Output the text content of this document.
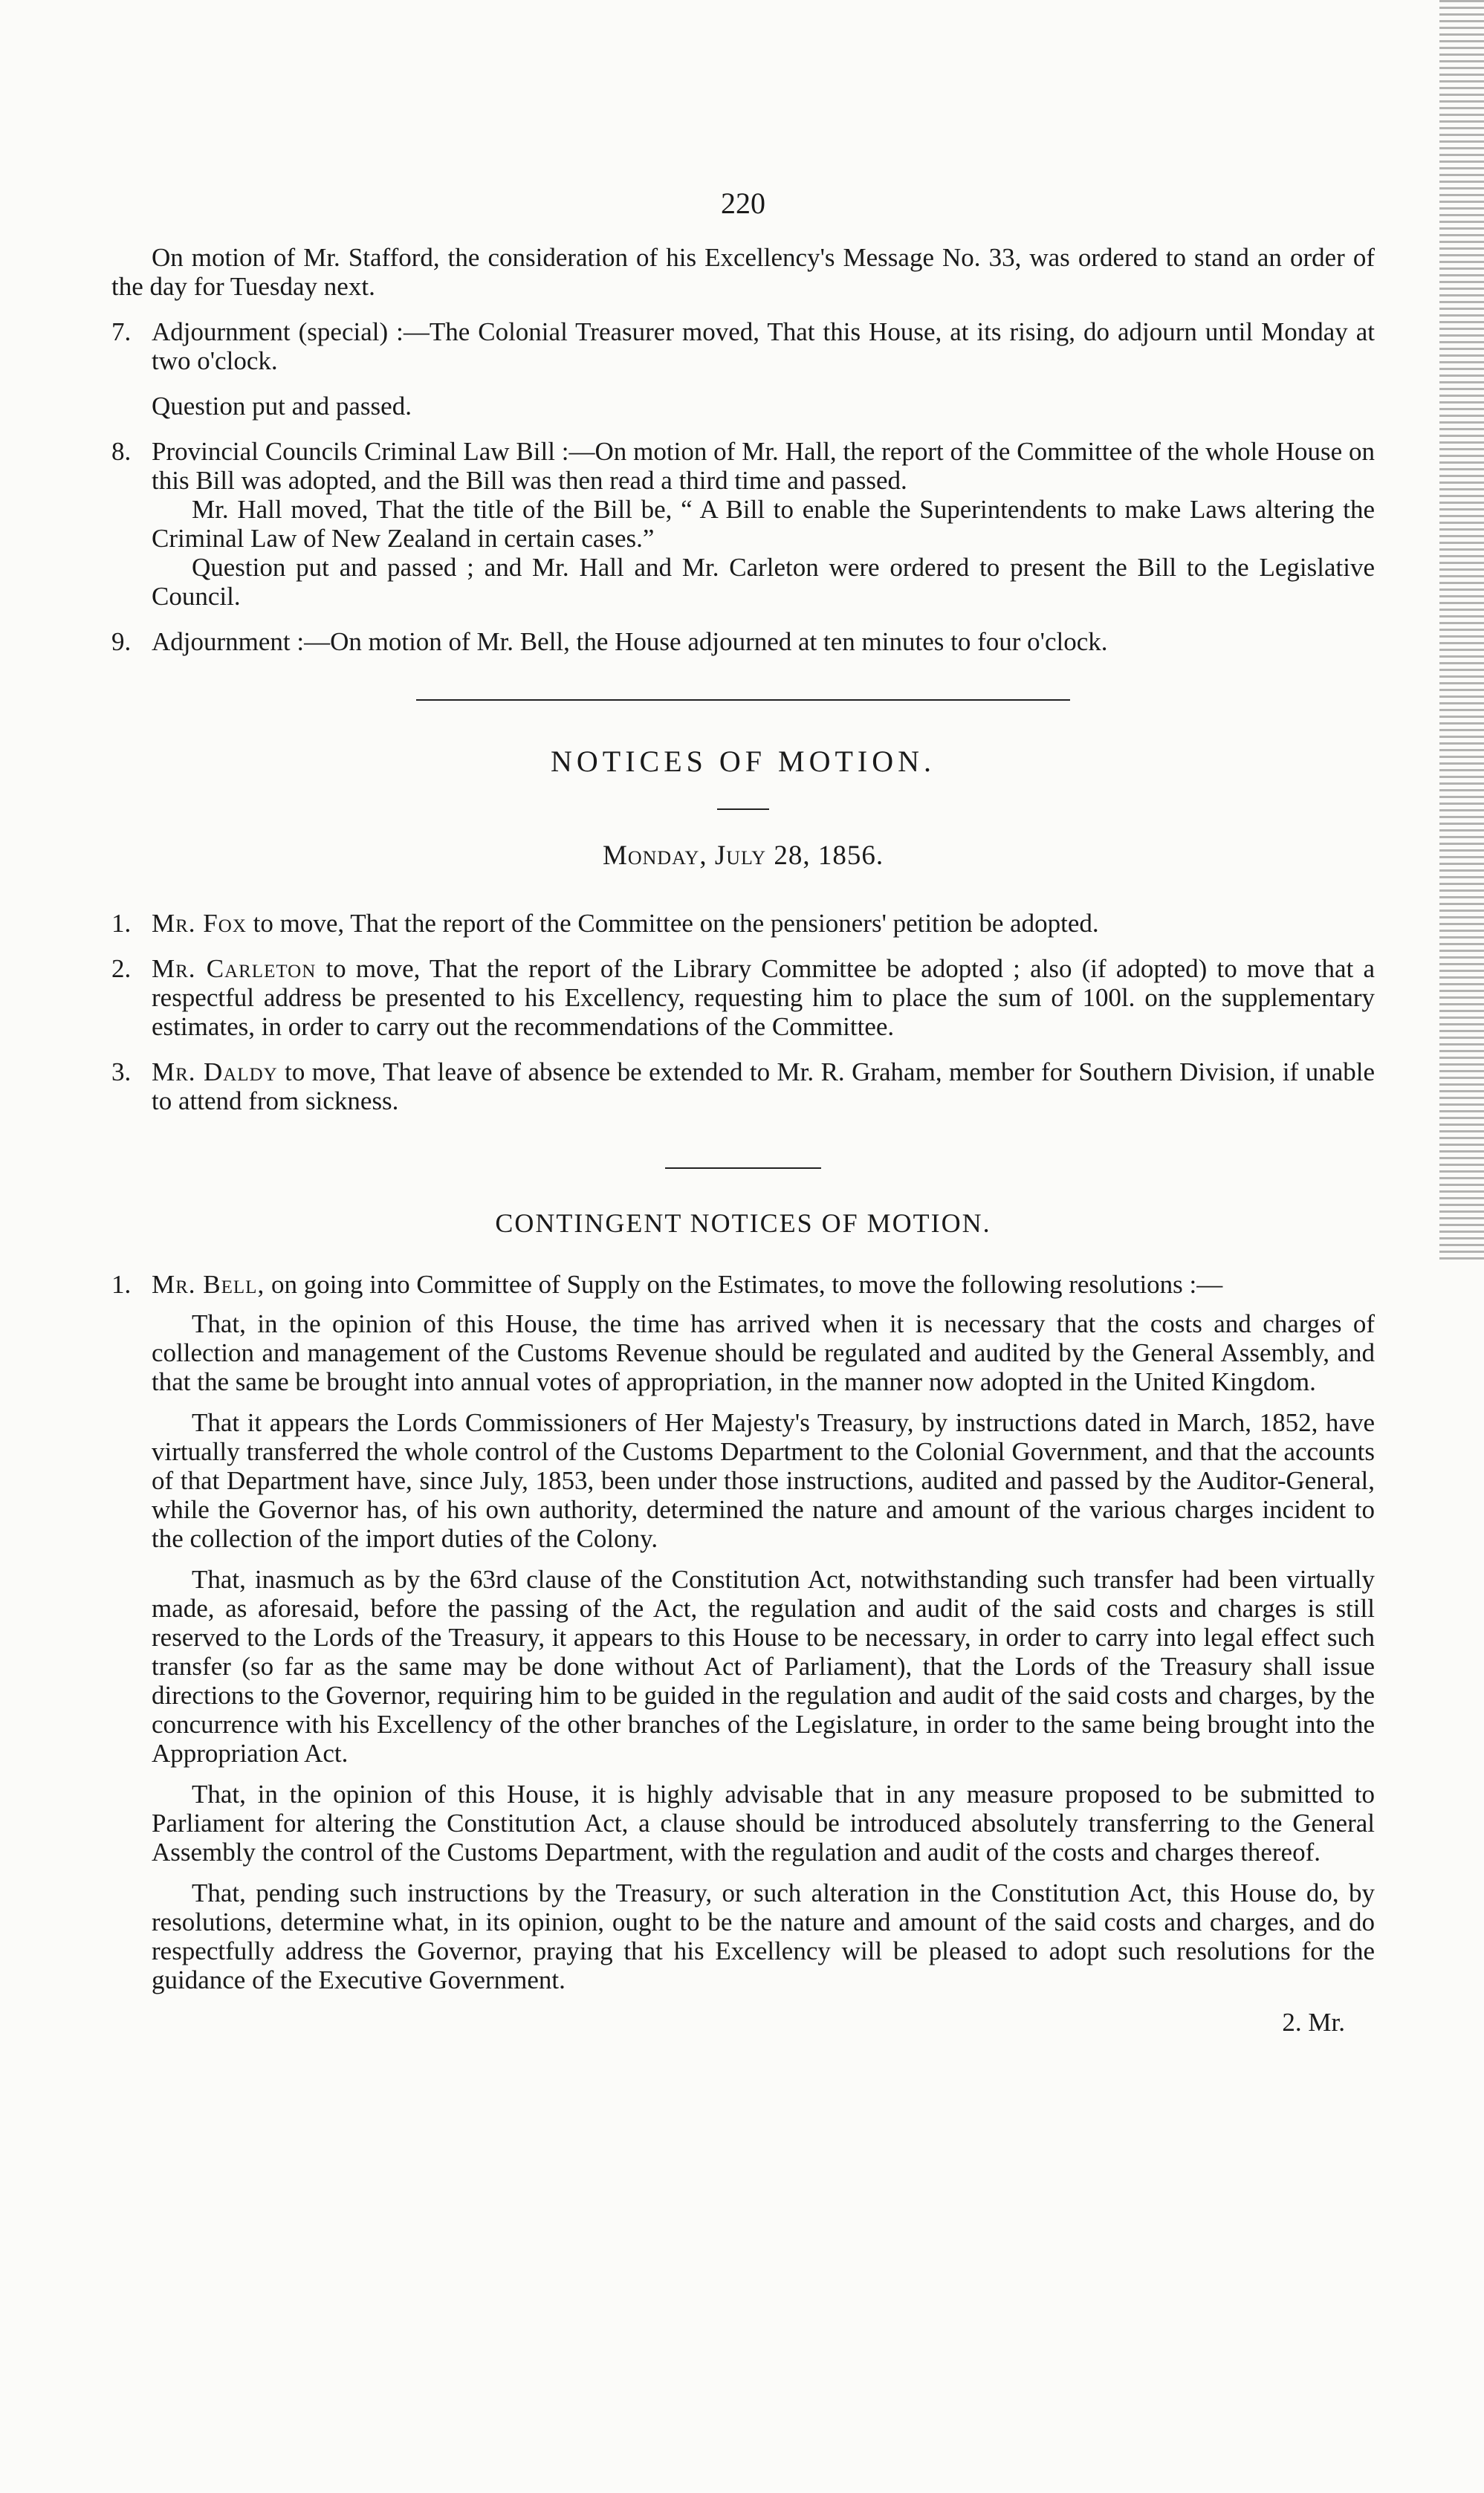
220

On motion of Mr. Stafford, the consideration of his Excellency's Message No. 33, was ordered to stand an order of the day for Tuesday next.

7. Adjournment (special) :—The Colonial Treasurer moved, That this House, at its rising, do adjourn until Monday at two o'clock.

Question put and passed.

8. Provincial Councils Criminal Law Bill :—On motion of Mr. Hall, the report of the Committee of the whole House on this Bill was adopted, and the Bill was then read a third time and passed.

Mr. Hall moved, That the title of the Bill be, “ A Bill to enable the Superintendents to make Laws altering the Criminal Law of New Zealand in certain cases.”

Question put and passed ; and Mr. Hall and Mr. Carleton were ordered to present the Bill to the Legislative Council.

9. Adjournment :—On motion of Mr. Bell, the House adjourned at ten minutes to four o'clock.

NOTICES OF MOTION.
Monday, July 28, 1856.

1. Mr. Fox to move, That the report of the Committee on the pensioners' petition be adopted.

2. Mr. Carleton to move, That the report of the Library Committee be adopted ; also (if adopted) to move that a respectful address be presented to his Excellency, requesting him to place the sum of 100l. on the supplementary estimates, in order to carry out the recommendations of the Committee.

3. Mr. Daldy to move, That leave of absence be extended to Mr. R. Graham, member for Southern Division, if unable to attend from sickness.

CONTINGENT NOTICES OF MOTION.

1. Mr. Bell, on going into Committee of Supply on the Estimates, to move the following resolutions :—

That, in the opinion of this House, the time has arrived when it is necessary that the costs and charges of collection and management of the Customs Revenue should be regulated and audited by the General Assembly, and that the same be brought into annual votes of appropriation, in the manner now adopted in the United Kingdom.

That it appears the Lords Commissioners of Her Majesty's Treasury, by instructions dated in March, 1852, have virtually transferred the whole control of the Customs Department to the Colonial Government, and that the accounts of that Department have, since July, 1853, been under those instructions, audited and passed by the Auditor-General, while the Governor has, of his own authority, determined the nature and amount of the various charges incident to the collection of the import duties of the Colony.

That, inasmuch as by the 63rd clause of the Constitution Act, notwithstanding such transfer had been virtually made, as aforesaid, before the passing of the Act, the regulation and audit of the said costs and charges is still reserved to the Lords of the Treasury, it appears to this House to be necessary, in order to carry into legal effect such transfer (so far as the same may be done without Act of Parliament), that the Lords of the Treasury shall issue directions to the Governor, requiring him to be guided in the regulation and audit of the said costs and charges, by the concurrence with his Excellency of the other branches of the Legislature, in order to the same being brought into the Appropriation Act.

That, in the opinion of this House, it is highly advisable that in any measure proposed to be submitted to Parliament for altering the Constitution Act, a clause should be introduced absolutely transferring to the General Assembly the control of the Customs Department, with the regulation and audit of the costs and charges thereof.

That, pending such instructions by the Treasury, or such alteration in the Constitution Act, this House do, by resolutions, determine what, in its opinion, ought to be the nature and amount of the said costs and charges, and do respectfully address the Governor, praying that his Excellency will be pleased to adopt such resolutions for the guidance of the Executive Government.

2. Mr.
